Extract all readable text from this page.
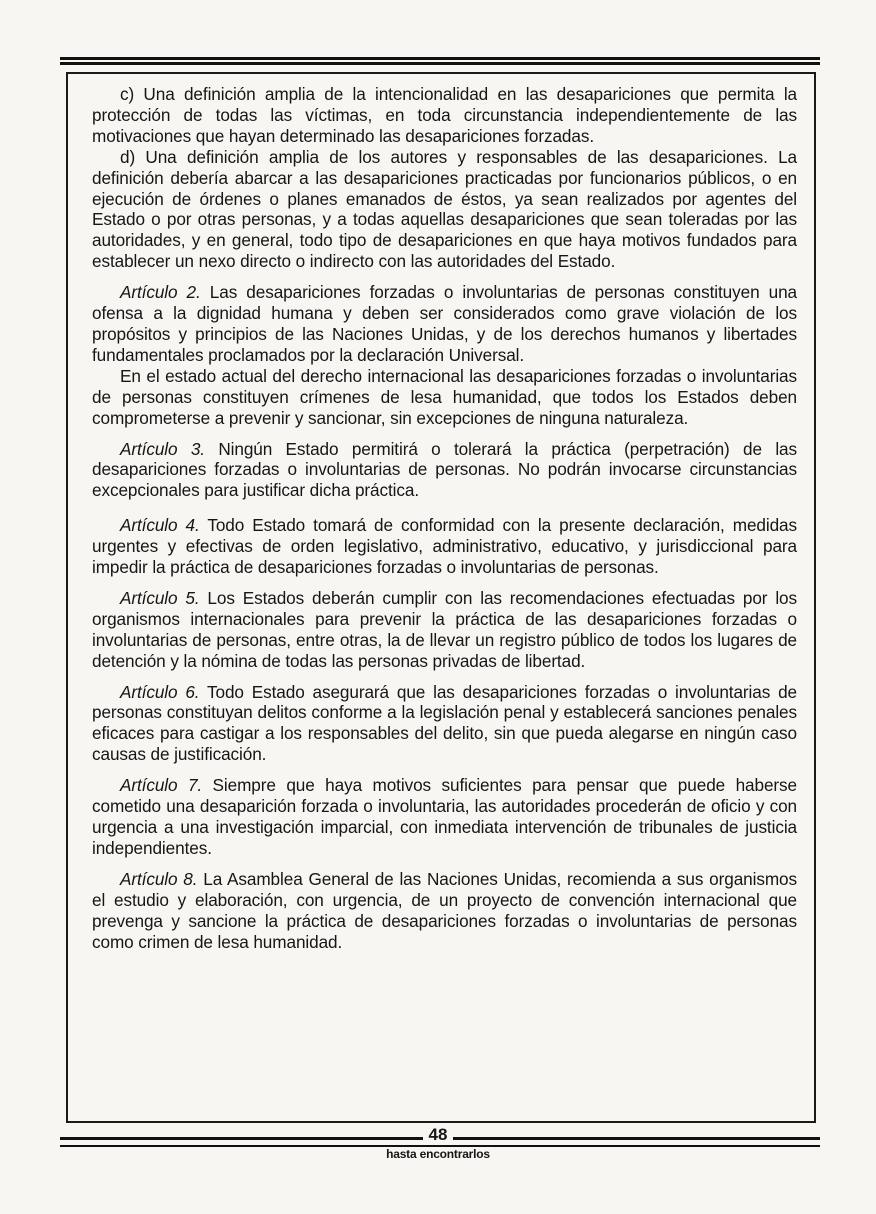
c) Una definición amplia de la intencionalidad en las desapariciones que permita la protección de todas las víctimas, en toda circunstancia independientemente de las motivaciones que hayan determinado las desapariciones forzadas.

d) Una definición amplia de los autores y responsables de las desapariciones. La definición debería abarcar a las desapariciones practicadas por funcionarios públicos, o en ejecución de órdenes o planes emanados de éstos, ya sean realizados por agentes del Estado o por otras personas, y a todas aquellas desapariciones que sean toleradas por las autoridades, y en general, todo tipo de desapariciones en que haya motivos fundados para establecer un nexo directo o indirecto con las autoridades del Estado.

Artículo 2. Las desapariciones forzadas o involuntarias de personas constituyen una ofensa a la dignidad humana y deben ser considerados como grave violación de los propósitos y principios de las Naciones Unidas, y de los derechos humanos y libertades fundamentales proclamados por la declaración Universal.

En el estado actual del derecho internacional las desapariciones forzadas o involuntarias de personas constituyen crímenes de lesa humanidad, que todos los Estados deben comprometerse a prevenir y sancionar, sin excepciones de ninguna naturaleza.

Artículo 3. Ningún Estado permitirá o tolerará la práctica (perpetración) de las desapariciones forzadas o involuntarias de personas. No podrán invocarse circunstancias excepcionales para justificar dicha práctica.

Artículo 4. Todo Estado tomará de conformidad con la presente declaración, medidas urgentes y efectivas de orden legislativo, administrativo, educativo, y jurisdiccional para impedir la práctica de desapariciones forzadas o involuntarias de personas.

Artículo 5. Los Estados deberán cumplir con las recomendaciones efectuadas por los organismos internacionales para prevenir la práctica de las desapariciones forzadas o involuntarias de personas, entre otras, la de llevar un registro público de todos los lugares de detención y la nómina de todas las personas privadas de libertad.

Artículo 6. Todo Estado asegurará que las desapariciones forzadas o involuntarias de personas constituyan delitos conforme a la legislación penal y establecerá sanciones penales eficaces para castigar a los responsables del delito, sin que pueda alegarse en ningún caso causas de justificación.

Artículo 7. Siempre que haya motivos suficientes para pensar que puede haberse cometido una desaparición forzada o involuntaria, las autoridades procederán de oficio y con urgencia a una investigación imparcial, con inmediata intervención de tribunales de justicia independientes.

Artículo 8. La Asamblea General de las Naciones Unidas, recomienda a sus organismos el estudio y elaboración, con urgencia, de un proyecto de convención internacional que prevenga y sancione la práctica de desapariciones forzadas o involuntarias de personas como crimen de lesa humanidad.

48
hasta encontrarlos
